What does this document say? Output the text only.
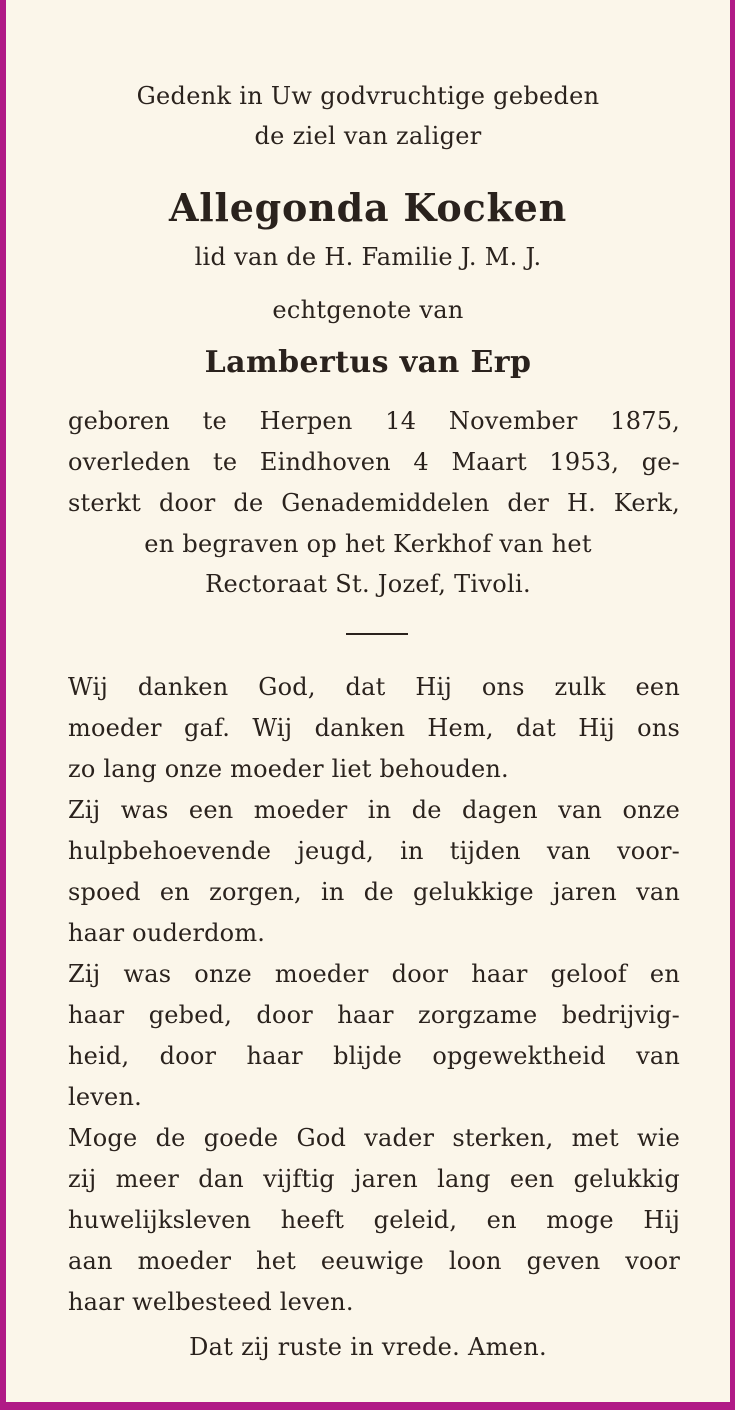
Gedenk in Uw godvruchtige gebeden
de ziel van zaliger
Allegonda Kocken
lid van de H. Familie J. M. J.
echtgenote van
Lambertus van Erp
geboren te Herpen 14 November 1875,
overleden te Eindhoven 4 Maart 1953, ge-
sterkt door de Genademiddelen der H. Kerk,
en begraven op het Kerkhof van het
Rectoraat St. Jozef, Tivoli.
Wij danken God, dat Hij ons zulk een
moeder gaf. Wij danken Hem, dat Hij ons
zo lang onze moeder liet behouden.
Zij was een moeder in de dagen van onze
hulpbehoevende jeugd, in tijden van voor-
spoed en zorgen, in de gelukkige jaren van
haar ouderdom.
Zij was onze moeder door haar geloof en
haar gebed, door haar zorgzame bedrijvig-
heid, door haar blijde opgewektheid van
leven.
Moge de goede God vader sterken, met wie
zij meer dan vijftig jaren lang een gelukkig
huwelijksleven heeft geleid, en moge Hij
aan moeder het eeuwige loon geven voor
haar welbesteed leven.
Dat zij ruste in vrede. Amen.
